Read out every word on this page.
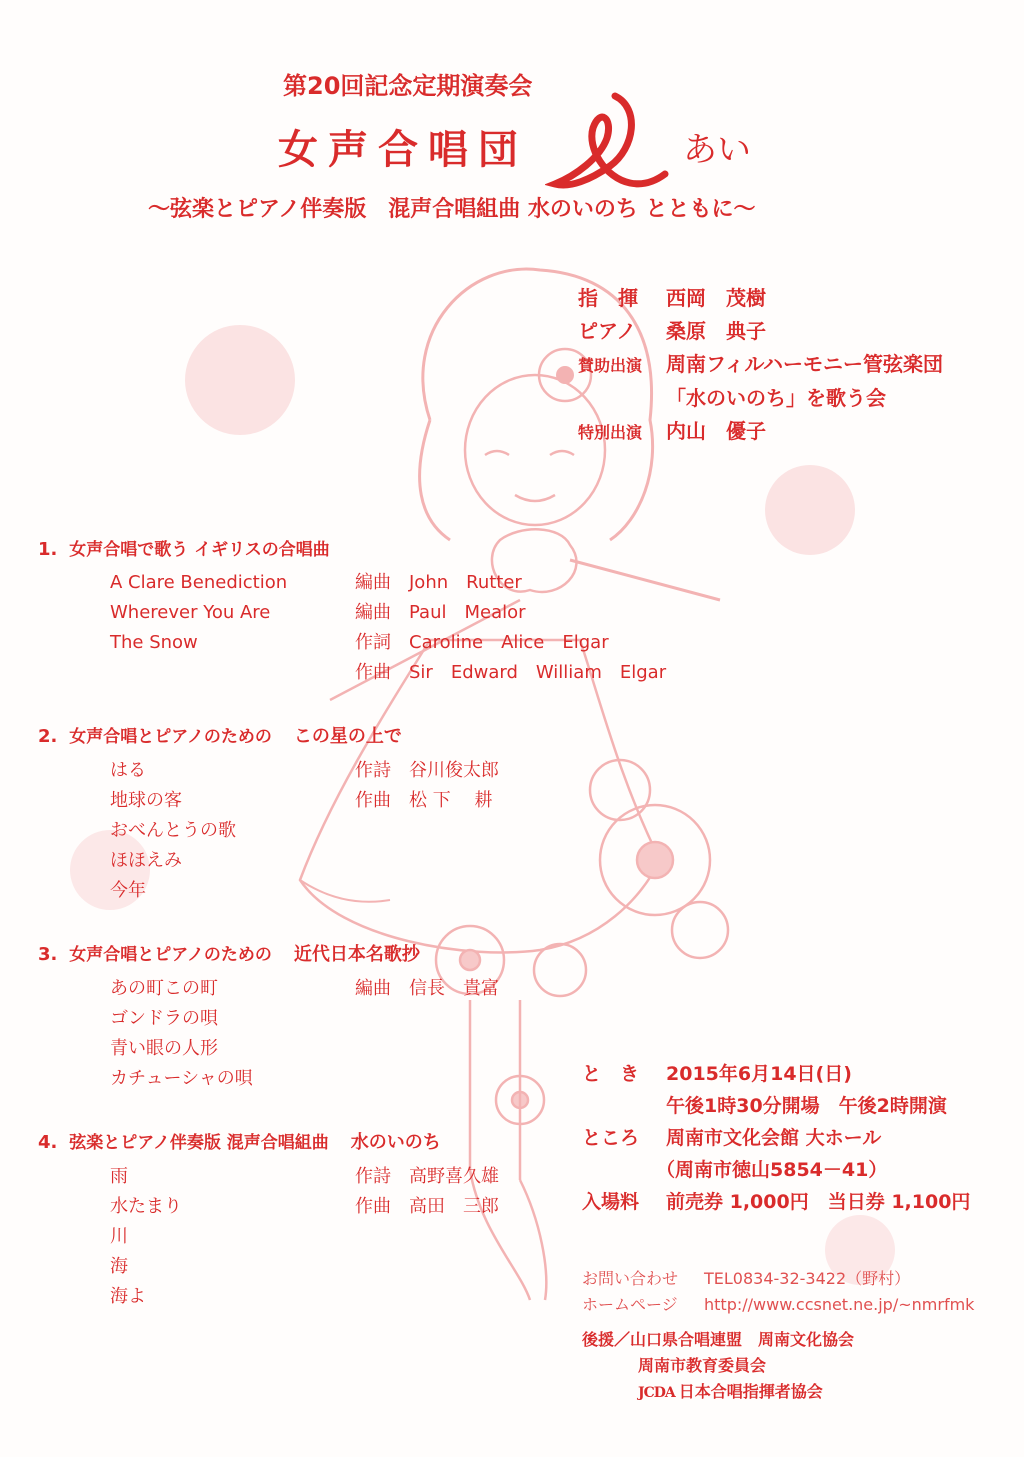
第20回記念定期演奏会
女声合唱団	あい
～弦楽とピアノ伴奏版　混声合唱組曲 水のいのち とともに～
指　揮 西岡　茂樹
ピアノ 桑原　典子
賛助出演 周南フィルハーモニー管弦楽団
「水のいのち」を歌う会
特別出演 内山　優子
1. 女声合唱で歌う イギリスの合唱曲
A Clare Benediction
Wherever You Are
The Snow
編曲　 John　Rutter
編曲　 Paul　Mealor
作詞　 Caroline　Alice　Elgar
作曲　 Sir　Edward　William　Elgar
2. 女声合唱とピアノのための この星の上で
はる
地球の客
おべんとうの歌
ほほえみ
今年
作詩　 谷川俊太郎
作曲　 松 下　 耕
3. 女声合唱とピアノのための 近代日本名歌抄
あの町この町
ゴンドラの唄
青い眼の人形
カチューシャの唄
編曲　 信長　貴富
4. 弦楽とピアノ伴奏版 混声合唱組曲 水のいのち
雨
水たまり
川
海
海よ
作詩　 高野喜久雄
作曲　 高田　三郎
と　き 2015年6月14日(日)
午後1時30分開場　午後2時開演
ところ 周南市文化会館 大ホール
（周南市徳山5854－41）
入場料 前売券 1,000円　当日券 1,100円
お問い合わせ TEL0834-32-3422（野村）
ホームページ http://www.ccsnet.ne.jp/~nmrfmk
後援／山口県合唱連盟　周南文化協会
周南市教育委員会
JCDA 日本合唱指揮者協会
